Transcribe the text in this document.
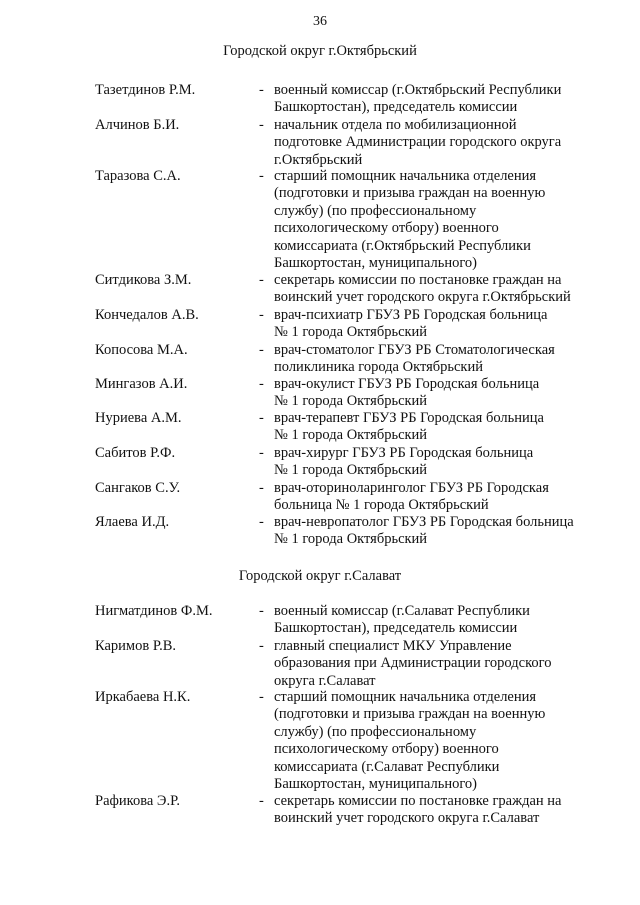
36
Городской округ г.Октябрьский
Тазетдинов Р.М.	- военный комиссар (г.Октябрьский Республики
Башкортостан), председатель комиссии
Алчинов Б.И.	- начальник отдела по мобилизационной
подготовке Администрации городского округа
г.Октябрьский
Таразова С.А.	- старший помощник начальника отделения
(подготовки и призыва граждан на военную
службу) (по профессиональному
психологическому отбору) военного
комиссариата (г.Октябрьский Республики
Башкортостан, муниципального)
Ситдикова З.М.	- секретарь комиссии по постановке граждан на
воинский учет городского округа г.Октябрьский
Кончедалов А.В.	- врач-психиатр ГБУЗ РБ Городская больница
№ 1 города Октябрьский
Копосова М.А.	- врач-стоматолог ГБУЗ РБ Стоматологическая
поликлиника города Октябрьский
Мингазов А.И.	- врач-окулист ГБУЗ РБ Городская больница
№ 1 города Октябрьский
Нуриева А.М.	- врач-терапевт ГБУЗ РБ Городская больница
№ 1 города Октябрьский
Сабитов Р.Ф.	- врач-хирург ГБУЗ РБ Городская больница
№ 1 города Октябрьский
Сангаков С.У.	- врач-оториноларинголог ГБУЗ РБ Городская
больница № 1 города Октябрьский
Ялаева И.Д.	- врач-невропатолог ГБУЗ РБ Городская больница
№ 1 города Октябрьский
Городской округ г.Салават
Нигматдинов Ф.М.	- военный комиссар (г.Салават Республики
Башкортостан), председатель комиссии
Каримов Р.В.	- главный специалист МКУ Управление
образования при Администрации городского
округа г.Салават
Иркабаева Н.К.	- старший помощник начальника отделения
(подготовки и призыва граждан на военную
службу) (по профессиональному
психологическому отбору) военного
комиссариата (г.Салават Республики
Башкортостан, муниципального)
Рафикова Э.Р.	- секретарь комиссии по постановке граждан на
воинский учет городского округа г.Салават
